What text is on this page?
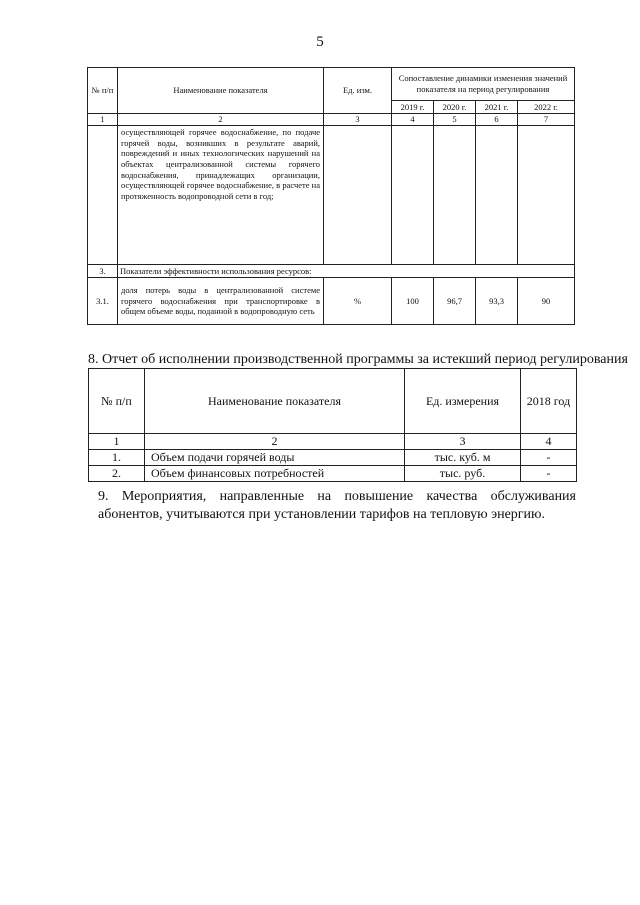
5
№ п/п	Наименование показателя	Ед. изм.	Сопоставление динамики изменения значений показателя на период регулирования			
			2019 г.	2020 г.	2021 г.	2022 г.
1	2	3	4	5	6	7
	осуществляющей горячее водоснабжение, по подаче горячей воды, возникших в результате аварий, повреждений и иных технологических нарушений на объектах централизованной системы горячего водоснабжения, принадлежащих организации, осуществляющей горячее водоснабжение, в расчете на протяженность водопроводной сети в год;					
3.	Показатели эффективности использования ресурсов:					
3.1.	доля потерь воды в централизованной системе горячего водоснабжения при транспортировке в общем объеме воды, поданной в водопроводную сеть	%	100	96,7	93,3	90
8. Отчет об исполнении производственной программы за истекший период регулирования
№ п/п	Наименование показателя	Ед. измерения	2018 год
1	2	3	4
1.	Объем подачи горячей воды	тыс. куб. м	-
2.	Объем финансовых потребностей	тыс. руб.	-
9. Мероприятия, направленные на повышение качества обслуживания абонентов, учитываются при установлении тарифов на тепловую энергию.
